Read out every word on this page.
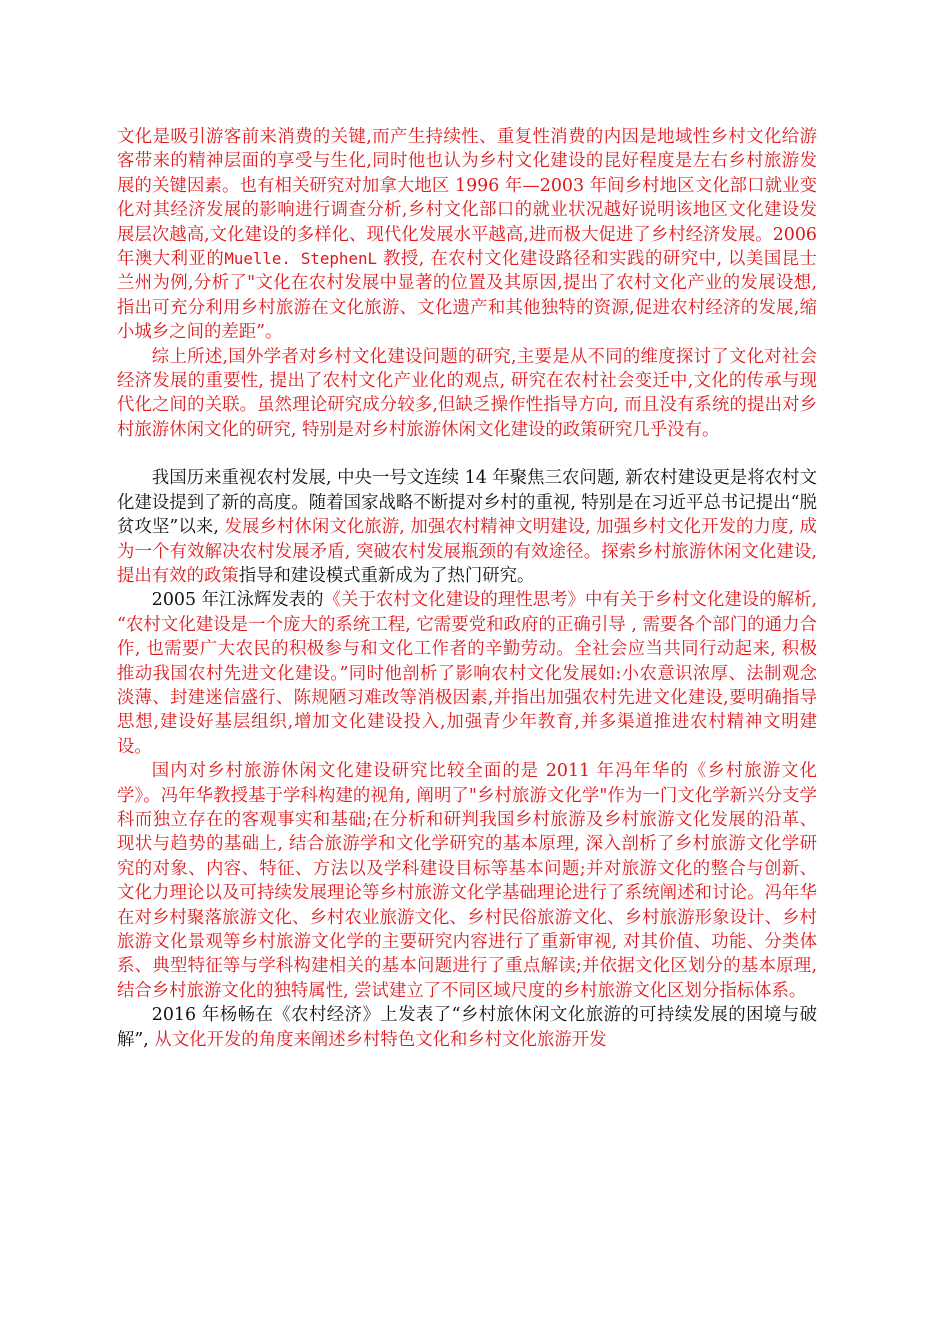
文化是吸引游客前来消费的关键,而产生持续性、重复性消费的内因是地域性乡村文化给游客带来的精神层面的享受与生化,同时他也认为乡村文化建设的昆好程度是左右乡村旅游发展的关键因素。也有相关研究对加拿大地区 1996 年—2003 年间乡村地区文化部口就业变化对其经济发展的影响进行调查分析,乡村文化部口的就业状况越好说明该地区文化建设发展层次越高,文化建设的多样化、现代化发展水平越高,进而极大促进了乡村经济发展。2006 年澳大利亚的Muelle. StephenL 教授, 在农村文化建设路径和实践的研究中, 以美国昆士兰州为例,分析了"文化在农村发展中显著的位置及其原因,提出了农村文化产业的发展设想,指出可充分利用乡村旅游在文化旅游、文化遗产和其他独特的资源,促进农村经济的发展,缩小城乡之间的差距”。

综上所述,国外学者对乡村文化建设问题的研究,主要是从不同的维度探讨了文化对社会经济发展的重要性, 提出了农村文化产业化的观点, 研究在农村社会变迁中,文化的传承与现代化之间的关联。虽然理论研究成分较多,但缺乏操作性指导方向, 而且没有系统的提出对乡村旅游休闲文化的研究, 特别是对乡村旅游休闲文化建设的政策研究几乎没有。

我国历来重视农村发展, 中央一号文连续 14 年聚焦三农问题, 新农村建设更是将农村文化建设提到了新的高度。随着国家战略不断提对乡村的重视, 特别是在习近平总书记提出“脱贫攻坚”以来, 发展乡村休闲文化旅游, 加强农村精神文明建设, 加强乡村文化开发的力度, 成为一个有效解决农村发展矛盾, 突破农村发展瓶颈的有效途径。探索乡村旅游休闲文化建设, 提出有效的政策指导和建设模式重新成为了热门研究。

2005 年江泳辉发表的《关于农村文化建设的理性思考》中有关于乡村文化建设的解析, “农村文化建设是一个庞大的系统工程, 它需要党和政府的正确引导 , 需要各个部门的通力合作, 也需要广大农民的积极参与和文化工作者的辛勤劳动。全社会应当共同行动起来, 积极推动我国农村先进文化建设。”同时他剖析了影响农村文化发展如:小农意识浓厚、法制观念淡薄、封建迷信盛行、陈规陋习难改等消极因素,并指出加强农村先进文化建设,要明确指导思想,建设好基层组织,增加文化建设投入,加强青少年教育,并多渠道推进农村精神文明建设。

国内对乡村旅游休闲文化建设研究比较全面的是 2011 年冯年华的《乡村旅游文化学》。冯年华教授基于学科构建的视角, 阐明了"乡村旅游文化学"作为一门文化学新兴分支学科而独立存在的客观事实和基础;在分析和研判我国乡村旅游及乡村旅游文化发展的沿革、现状与趋势的基础上, 结合旅游学和文化学研究的基本原理, 深入剖析了乡村旅游文化学研究的对象、内容、特征、方法以及学科建设目标等基本问题;并对旅游文化的整合与创新、文化力理论以及可持续发展理论等乡村旅游文化学基础理论进行了系统阐述和讨论。冯年华在对乡村聚落旅游文化、乡村农业旅游文化、乡村民俗旅游文化、乡村旅游形象设计、乡村旅游文化景观等乡村旅游文化学的主要研究内容进行了重新审视, 对其价值、功能、分类体系、典型特征等与学科构建相关的基本问题进行了重点解读;并依据文化区划分的基本原理, 结合乡村旅游文化的独特属性, 尝试建立了不同区域尺度的乡村旅游文化区划分指标体系。

2016 年杨畅在《农村经济》上发表了“乡村旅休闲文化旅游的可持续发展的困境与破解”, 从文化开发的角度来阐述乡村特色文化和乡村文化旅游开发
